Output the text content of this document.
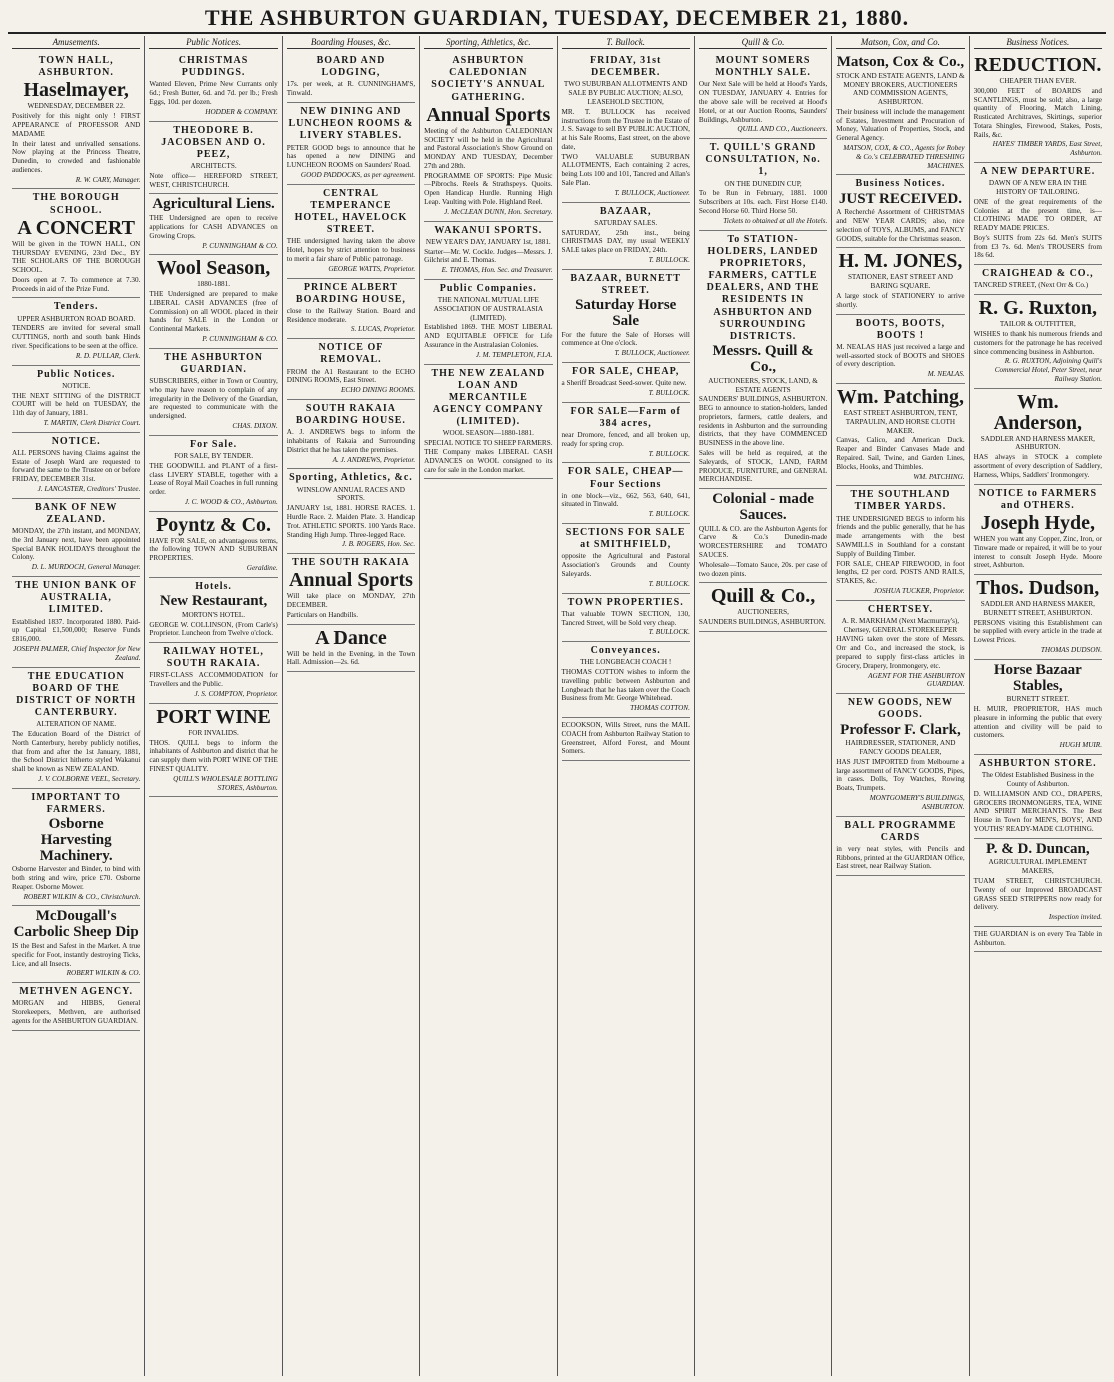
THE ASHBURTON GUARDIAN, TUESDAY, DECEMBER 21, 1880.
Amusements.

TOWN HALL, ASHBURTON.

Haselmayer,

WEDNESDAY, DECEMBER 22.

Positively for this night only ! FIRST APPEARANCE of PROFESSOR AND MADAME

In their latest and unrivalled sensations. Now playing at the Princess Theatre, Dunedin, to crowded and fashionable audiences.

R. W. CARY, Manager.

THE BOROUGH SCHOOL.

A CONCERT

Will be given in the TOWN HALL, ON THURSDAY EVENING, 23rd Dec., BY THE SCHOLARS OF THE BOROUGH SCHOOL.

Doors open at 7. To commence at 7.30. Proceeds in aid of the Prize Fund.

Tenders.

UPPER ASHBURTON ROAD BOARD.

TENDERS are invited for several small CUTTINGS, north and south bank Hinds river. Specifications to be seen at the office.

R. D. PULLAR, Clerk.

Public Notices.

NOTICE.

THE NEXT SITTING of the DISTRICT COURT will be held on TUESDAY, the 11th day of January, 1881.

T. MARTIN, Clerk District Court.

NOTICE.

ALL PERSONS having Claims against the Estate of Joseph Ward are requested to forward the same to the Trustee on or before FRIDAY, DECEMBER 31st.

J. LANCASTER, Creditors' Trustee.

BANK OF NEW ZEALAND.

MONDAY, the 27th instant, and MONDAY, the 3rd January next, have been appointed Special BANK HOLIDAYS throughout the Colony.

D. L. MURDOCH, General Manager.

THE UNION BANK OF AUSTRALIA, LIMITED.

Established 1837. Incorporated 1880. Paid-up Capital £1,500,000; Reserve Funds £816,000.

JOSEPH PALMER, Chief Inspector for New Zealand.

THE EDUCATION BOARD OF THE DISTRICT OF NORTH CANTERBURY.

ALTERATION OF NAME.

The Education Board of the District of North Canterbury, hereby publicly notifies, that from and after the 1st January, 1881, the School District hitherto styled Wakanui shall be known as NEW ZEALAND.

J. V. COLBORNE VEEL, Secretary.

IMPORTANT TO FARMERS.

Osborne Harvesting Machinery.

Osborne Harvester and Binder, to bind with both string and wire, price £70. Osborne Reaper. Osborne Mower.

ROBERT WILKIN & CO., Christchurch.

McDougall's Carbolic Sheep Dip

IS the Best and Safest in the Market. A true specific for Foot, instantly destroying Ticks, Lice, and all Insects.

ROBERT WILKIN & CO.

METHVEN AGENCY.

MORGAN and HIBBS, General Storekeepers, Methven, are authorised agents for the ASHBURTON GUARDIAN.

Public Notices.

CHRISTMAS PUDDINGS.

Wanted Eleven, Prime New Currants only 6d.; Fresh Butter, 6d. and 7d. per lb.; Fresh Eggs, 10d. per dozen.

HODDER & COMPANY.

THEODORE B. JACOBSEN AND O. PEEZ,

ARCHITECTS.

Note office— HEREFORD STREET, WEST, CHRISTCHURCH.

Agricultural Liens.

THE Undersigned are open to receive applications for CASH ADVANCES on Growing Crops.

P. CUNNINGHAM & CO.

Wool Season,

1880-1881.

THE Undersigned are prepared to make LIBERAL CASH ADVANCES (free of Commission) on all WOOL placed in their hands for SALE in the London or Continental Markets.

P. CUNNINGHAM & CO.

THE ASHBURTON GUARDIAN.

SUBSCRIBERS, either in Town or Country, who may have reason to complain of any irregularity in the Delivery of the Guardian, are requested to communicate with the undersigned.

CHAS. DIXON.

For Sale.

FOR SALE, BY TENDER.

THE GOODWILL and PLANT of a first-class LIVERY STABLE, together with a Lease of Royal Mail Coaches in full running order.

J. C. WOOD & CO., Ashburton.

Poyntz & Co.

HAVE FOR SALE, on advantageous terms, the following TOWN AND SUBURBAN PROPERTIES.

Geraldine.

Hotels.

New Restaurant,

MORTON'S HOTEL.

GEORGE W. COLLINSON, (From Carle's) Proprietor. Luncheon from Twelve o'clock.

RAILWAY HOTEL, SOUTH RAKAIA.

FIRST-CLASS ACCOMMODATION for Travellers and the Public.

J. S. COMPTON, Proprietor.

PORT WINE

FOR INVALIDS.

THOS. QUILL begs to inform the inhabitants of Ashburton and district that he can supply them with PORT WINE OF THE FINEST QUALITY.

QUILL'S WHOLESALE BOTTLING STORES, Ashburton.

Boarding Houses, &c.

BOARD AND LODGING,

17s. per week, at R. CUNNINGHAM'S, Tinwald.

NEW DINING AND LUNCHEON ROOMS & LIVERY STABLES.

PETER GOOD begs to announce that he has opened a new DINING and LUNCHEON ROOMS on Saunders' Road.

GOOD PADDOCKS, as per agreement.

CENTRAL TEMPERANCE HOTEL, HAVELOCK STREET.

THE undersigned having taken the above Hotel, hopes by strict attention to business to merit a fair share of Public patronage.

GEORGE WATTS, Proprietor.

PRINCE ALBERT BOARDING HOUSE,

close to the Railway Station. Board and Residence moderate.

S. LUCAS, Proprietor.

NOTICE OF REMOVAL.

FROM the A1 Restaurant to the ECHO DINING ROOMS, East Street.

ECHO DINING ROOMS.

SOUTH RAKAIA BOARDING HOUSE.

A. J. ANDREWS begs to inform the inhabitants of Rakaia and Surrounding District that he has taken the premises.

A. J. ANDREWS, Proprietor.

Sporting, Athletics, &c.

WINSLOW ANNUAL RACES AND SPORTS.

JANUARY 1st, 1881. HORSE RACES. 1. Hurdle Race. 2. Maiden Plate. 3. Handicap Trot. ATHLETIC SPORTS. 100 Yards Race. Standing High Jump. Three-legged Race.

J. B. ROGERS, Hon. Sec.

THE SOUTH RAKAIA

Annual Sports

Will take place on MONDAY, 27th DECEMBER.

Particulars on Handbills.

A Dance

Will be held in the Evening, in the Town Hall. Admission—2s. 6d.

Sporting, Athletics, &c.

ASHBURTON CALEDONIAN SOCIETY'S ANNUAL GATHERING.

Annual Sports

Meeting of the Ashburton CALEDONIAN SOCIETY will be held in the Agricultural and Pastoral Association's Show Ground on MONDAY AND TUESDAY, December 27th and 28th.

PROGRAMME OF SPORTS: Pipe Music—Pibrochs. Reels & Strathspeys. Quoits. Open Handicap Hurdle. Running High Leap. Vaulting with Pole. Highland Reel.

J. McCLEAN DUNN, Hon. Secretary.

WAKANUI SPORTS.

NEW YEAR'S DAY, JANUARY 1st, 1881.

Starter—Mr. W. Cockle. Judges—Messrs. J. Gilchrist and E. Thomas.

E. THOMAS, Hon. Sec. and Treasurer.

Public Companies.

THE NATIONAL MUTUAL LIFE ASSOCIATION OF AUSTRALASIA (LIMITED).

Established 1869. THE MOST LIBERAL AND EQUITABLE OFFICE for Life Assurance in the Australasian Colonies.

J. M. TEMPLETON, F.I.A.

THE NEW ZEALAND LOAN AND MERCANTILE AGENCY COMPANY (LIMITED).

WOOL SEASON—1880-1881.

SPECIAL NOTICE TO SHEEP FARMERS. THE Company makes LIBERAL CASH ADVANCES on WOOL consigned to its care for sale in the London market.

T. Bullock.

FRIDAY, 31st DECEMBER.

TWO SUBURBAN ALLOTMENTS AND SALE BY PUBLIC AUCTION; ALSO, LEASEHOLD SECTION,

MR. T. BULLOCK has received instructions from the Trustee in the Estate of J. S. Savage to sell BY PUBLIC AUCTION, at his Sale Rooms, East street, on the above date,

TWO VALUABLE SUBURBAN ALLOTMENTS, Each containing 2 acres, being Lots 100 and 101, Tancred and Allan's Sale Plan.

T. BULLOCK, Auctioneer.

BAZAAR,

SATURDAY SALES.

SATURDAY, 25th inst., being CHRISTMAS DAY, my usual WEEKLY SALE takes place on FRIDAY, 24th.

T. BULLOCK.

BAZAAR, BURNETT STREET.

Saturday Horse Sale

For the future the Sale of Horses will commence at One o'clock.

T. BULLOCK, Auctioneer.

FOR SALE, CHEAP,

a Sheriff Broadcast Seed-sower. Quite new.

T. BULLOCK.

FOR SALE—Farm of 384 acres,

near Dromore, fenced, and all broken up, ready for spring crop.

T. BULLOCK.

FOR SALE, CHEAP—Four Sections

in one block—viz., 662, 563, 640, 641, situated in Tinwald.

T. BULLOCK.

SECTIONS FOR SALE at SMITHFIELD,

opposite the Agricultural and Pastoral Association's Grounds and County Saleyards.

T. BULLOCK.

TOWN PROPERTIES.

That valuable TOWN SECTION, 130, Tancred Street, will be Sold very cheap.

T. BULLOCK.

Conveyances.

THE LONGBEACH COACH !

THOMAS COTTON wishes to inform the travelling public between Ashburton and Longbeach that he has taken over the Coach Business from Mr. George Whitehead.

THOMAS COTTON.

ECOOKSON, Wills Street, runs the MAIL COACH from Ashburton Railway Station to Greenstreet, Alford Forest, and Mount Somers.

Quill & Co.

MOUNT SOMERS MONTHLY SALE.

Our Next Sale will be held at Hood's Yards, ON TUESDAY, JANUARY 4. Entries for the above sale will be received at Hood's Hotel, or at our Auction Rooms, Saunders' Buildings, Ashburton.

QUILL AND CO., Auctioneers.

T. QUILL'S GRAND CONSULTATION, No. 1,

ON THE DUNEDIN CUP,

To be Run in February, 1881. 1000 Subscribers at 10s. each. First Horse £140. Second Horse 60. Third Horse 50.

Tickets to obtained at all the Hotels.

To STATION-HOLDERS, LANDED PROPRIETORS, FARMERS, CATTLE DEALERS, AND THE RESIDENTS IN ASHBURTON AND SURROUNDING DISTRICTS.

Messrs. Quill & Co.,

AUCTIONEERS, STOCK, LAND, & ESTATE AGENTS

SAUNDERS' BUILDINGS, ASHBURTON. BEG to announce to station-holders, landed proprietors, farmers, cattle dealers, and residents in Ashburton and the surrounding districts, that they have COMMENCED BUSINESS in the above line.

Sales will be held as required, at the Saleyards, of STOCK, LAND, FARM PRODUCE, FURNITURE, and GENERAL MERCHANDISE.

Colonial - made Sauces.

QUILL & CO. are the Ashburton Agents for Carve & Co.'s Dunedin-made WORCESTERSHIRE and TOMATO SAUCES.

Wholesale—Tomato Sauce, 20s. per case of two dozen pints.

Quill & Co.,

AUCTIONEERS,

SAUNDERS BUILDINGS, ASHBURTON.

Matson, Cox, and Co.

Matson, Cox & Co.,

STOCK AND ESTATE AGENTS, LAND & MONEY BROKERS, AUCTIONEERS AND COMMISSION AGENTS, ASHBURTON.

Their business will include the management of Estates, Investment and Procuration of Money, Valuation of Properties, Stock, and General Agency.

MATSON, COX, & CO., Agents for Robey & Co.'s CELEBRATED THRESHING MACHINES.

Business Notices.

JUST RECEIVED.

A Recherché Assortment of CHRISTMAS and NEW YEAR CARDS; also, nice selection of TOYS, ALBUMS, and FANCY GOODS, suitable for the Christmas season.

H. M. JONES,

STATIONER, EAST STREET AND BARING SQUARE.

A large stock of STATIONERY to arrive shortly.

BOOTS, BOOTS, BOOTS !

M. NEALAS HAS just received a large and well-assorted stock of BOOTS and SHOES of every description.

M. NEALAS.

Wm. Patching,

EAST STREET ASHBURTON, TENT, TARPAULIN, AND HORSE CLOTH MAKER.

Canvas, Calico, and American Duck. Reaper and Binder Canvases Made and Repaired. Sail, Twine, and Garden Lines, Blocks, Hooks, and Thimbles.

WM. PATCHING.

THE SOUTHLAND TIMBER YARDS.

THE UNDERSIGNED BEGS to inform his friends and the public generally, that he has made arrangements with the best SAWMILLS in Southland for a constant Supply of Building Timber.

FOR SALE, CHEAP FIREWOOD, in foot lengths, £2 per cord. POSTS AND RAILS, STAKES, &c.

JOSHUA TUCKER, Proprietor.

CHERTSEY.

A. R. MARKHAM (Next Macmurray's), Chertsey, GENERAL STOREKEEPER

HAVING taken over the store of Messrs. Orr and Co., and increased the stock, is prepared to supply first-class articles in Grocery, Drapery, Ironmongery, etc.

AGENT FOR THE ASHBURTON GUARDIAN.

NEW GOODS, NEW GOODS.

Professor F. Clark,

HAIRDRESSER, STATIONER, AND FANCY GOODS DEALER,

HAS JUST IMPORTED from Melbourne a large assortment of FANCY GOODS, Pipes, in cases. Dolls, Toy Watches, Rowing Boats, Trumpets.

MONTGOMERY'S BUILDINGS, ASHBURTON.

BALL PROGRAMME CARDS

in very neat styles, with Pencils and Ribbons, printed at the GUARDIAN Office, East street, near Railway Station.

Business Notices.

REDUCTION.

CHEAPER THAN EVER.

300,000 FEET of BOARDS and SCANTLINGS, must be sold; also, a large quantity of Flooring, Match Lining, Rusticated Architraves, Skirtings, superior Totara Shingles, Firewood, Stakes, Posts, Rails, &c.

HAYES' TIMBER YARDS, East Street, Ashburton.

A NEW DEPARTURE.

DAWN OF A NEW ERA IN THE HISTORY OF TAILORING.

ONE of the great requirements of the Colonies at the present time, is— CLOTHING MADE TO ORDER, AT READY MADE PRICES.

Boy's SUITS from 22s 6d. Men's SUITS from £3 7s. 6d. Men's TROUSERS from 18s 6d.

CRAIGHEAD & CO.,

TANCRED STREET, (Next Orr & Co.)

R. G. Ruxton,

TAILOR & OUTFITTER,

WISHES to thank his numerous friends and customers for the patronage he has received since commencing business in Ashburton.

R. G. RUXTON, Adjoining Quill's Commercial Hotel, Peter Street, near Railway Station.

Wm. Anderson,

SADDLER AND HARNESS MAKER, ASHBURTON.

HAS always in STOCK a complete assortment of every description of Saddlery, Harness, Whips, Saddlers' Ironmongery.

NOTICE to FARMERS and OTHERS.

Joseph Hyde,

WHEN you want any Copper, Zinc, Iron, or Tinware made or repaired, it will be to your interest to consult Joseph Hyde. Moore street, Ashburton.

Thos. Dudson,

SADDLER AND HARNESS MAKER, BURNETT STREET, ASHBURTON.

PERSONS visiting this Establishment can be supplied with every article in the trade at Lowest Prices.

THOMAS DUDSON.

Horse Bazaar Stables,

BURNETT STREET.

H. MUIR, PROPRIETOR, HAS much pleasure in informing the public that every attention and civility will be paid to customers.

HUGH MUIR.

ASHBURTON STORE.

The Oldest Established Business in the County of Ashburton.

D. WILLIAMSON AND CO., DRAPERS, GROCERS IRONMONGERS, TEA, WINE AND SPIRIT MERCHANTS. The Best House in Town for MEN'S, BOYS', AND YOUTHS' READY-MADE CLOTHING.

P. & D. Duncan,

AGRICULTURAL IMPLEMENT MAKERS,

TUAM STREET, CHRISTCHURCH. Twenty of our Improved BROADCAST GRASS SEED STRIPPERS now ready for delivery.

Inspection invited.

THE GUARDIAN is on every Tea Table in Ashburton.
